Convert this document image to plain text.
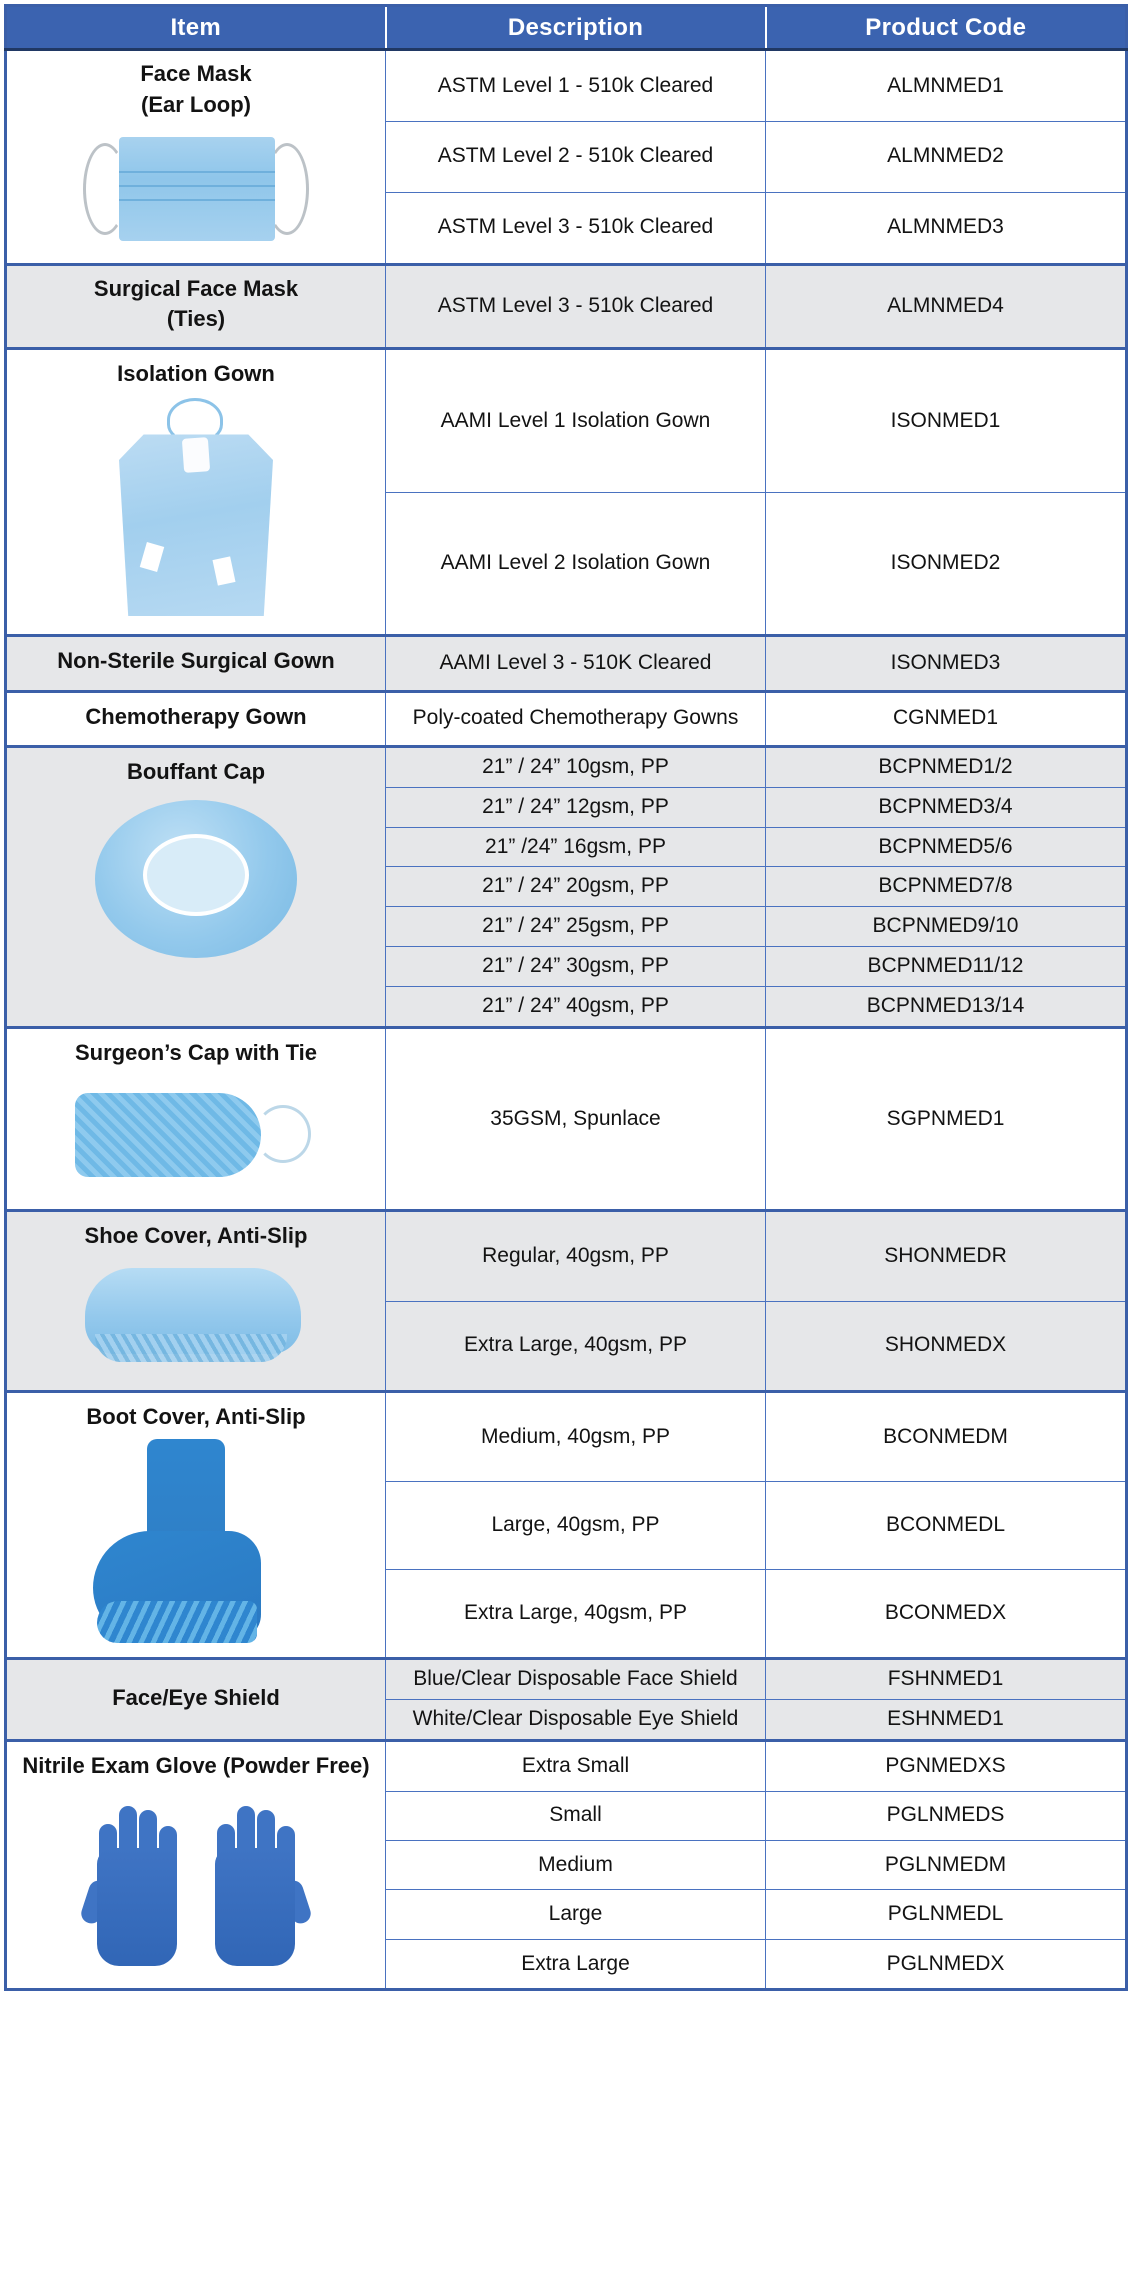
Item	Description	Product Code

Face Mask
(Ear Loop)	ASTM Level 1 - 510k Cleared	ALMNMED1
	ASTM Level 2 - 510k Cleared	ALMNMED2
	ASTM Level 3 - 510k Cleared	ALMNMED3

Surgical Face Mask
(Ties)	ASTM Level 3 - 510k Cleared	ALMNMED4

Isolation Gown	AAMI Level 1 Isolation Gown	ISONMED1
	AAMI Level 2 Isolation Gown	ISONMED2

Non-Sterile Surgical Gown	AAMI Level 3 - 510K Cleared	ISONMED3

Chemotherapy Gown	Poly-coated Chemotherapy Gowns	CGNMED1

Bouffant Cap	21” / 24” 10gsm, PP	BCPNMED1/2
	21” / 24” 12gsm, PP	BCPNMED3/4
	21” /24” 16gsm, PP	BCPNMED5/6
	21” / 24” 20gsm, PP	BCPNMED7/8
	21” / 24” 25gsm, PP	BCPNMED9/10
	21” / 24” 30gsm, PP	BCPNMED11/12
	21” / 24” 40gsm, PP	BCPNMED13/14

Surgeon’s Cap with Tie	35GSM, Spunlace	SGPNMED1

Shoe Cover, Anti-Slip	Regular, 40gsm, PP	SHONMEDR
	Extra Large, 40gsm, PP	SHONMEDX

Boot Cover, Anti-Slip	Medium, 40gsm, PP	BCONMEDM
	Large, 40gsm, PP	BCONMEDL
	Extra Large, 40gsm, PP	BCONMEDX

Face/Eye Shield	Blue/Clear Disposable Face Shield	FSHNMED1
	White/Clear Disposable Eye Shield	ESHNMED1

Nitrile Exam Glove (Powder Free)	Extra Small	PGNMEDXS
	Small	PGLNMEDS
	Medium	PGLNMEDM
	Large	PGLNMEDL
	Extra Large	PGLNMEDX
